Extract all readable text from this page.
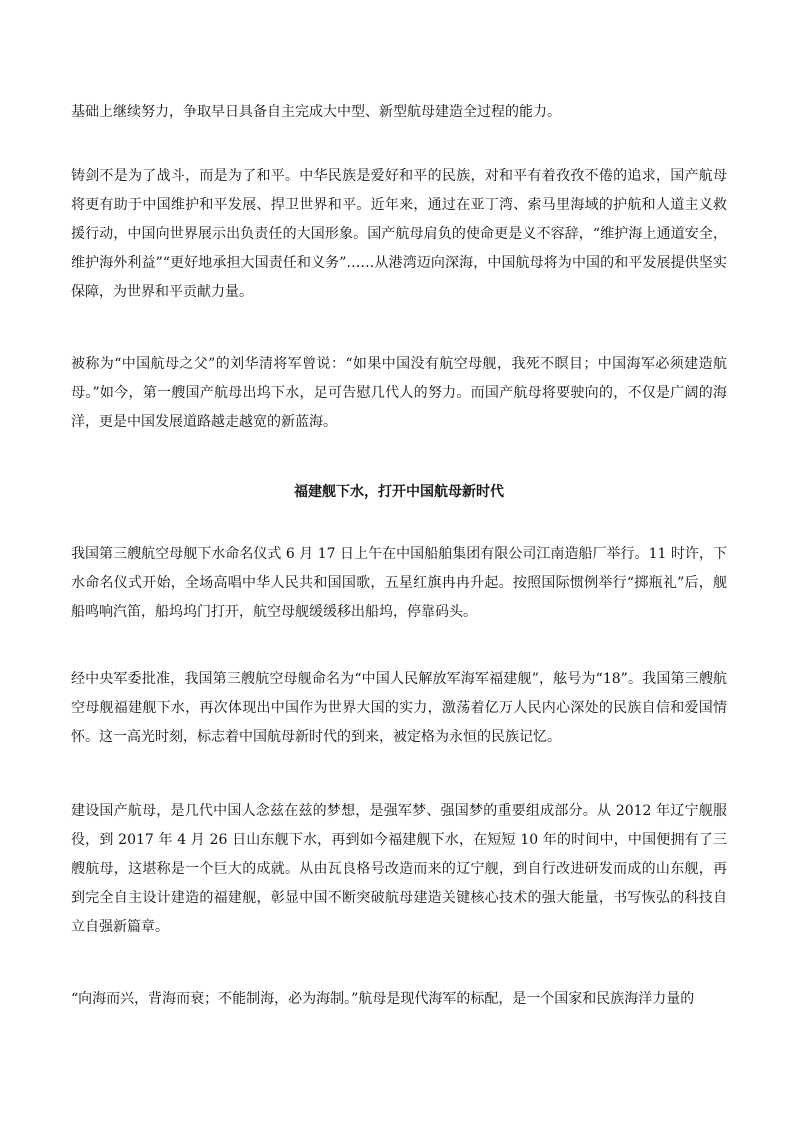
基础上继续努力，争取早日具备自主完成大中型、新型航母建造全过程的能力。

铸剑不是为了战斗，而是为了和平。中华民族是爱好和平的民族，对和平有着孜孜不倦的追求，国产航母将更有助于中国维护和平发展、捍卫世界和平。近年来，通过在亚丁湾、索马里海域的护航和人道主义救援行动，中国向世界展示出负责任的大国形象。国产航母肩负的使命更是义不容辞，“维护海上通道安全，维护海外利益”“更好地承担大国责任和义务”……从港湾迈向深海，中国航母将为中国的和平发展提供坚实保障，为世界和平贡献力量。

被称为“中国航母之父”的刘华清将军曾说：“如果中国没有航空母舰，我死不瞑目；中国海军必须建造航母。”如今，第一艘国产航母出坞下水，足可告慰几代人的努力。而国产航母将要驶向的，不仅是广阔的海洋，更是中国发展道路越走越宽的新蓝海。

福建舰下水，打开中国航母新时代

我国第三艘航空母舰下水命名仪式 6 月 17 日上午在中国船舶集团有限公司江南造船厂举行。11 时许，下水命名仪式开始，全场高唱中华人民共和国国歌，五星红旗冉冉升起。按照国际惯例举行“掷瓶礼”后，舰船鸣响汽笛，船坞坞门打开，航空母舰缓缓移出船坞，停靠码头。

经中央军委批准，我国第三艘航空母舰命名为“中国人民解放军海军福建舰”，舷号为“18”。我国第三艘航空母舰福建舰下水，再次体现出中国作为世界大国的实力，激荡着亿万人民内心深处的民族自信和爱国情怀。这一高光时刻，标志着中国航母新时代的到来，被定格为永恒的民族记忆。

建设国产航母，是几代中国人念兹在兹的梦想，是强军梦、强国梦的重要组成部分。从 2012 年辽宁舰服役，到 2017 年 4 月 26 日山东舰下水，再到如今福建舰下水，在短短 10 年的时间中，中国便拥有了三艘航母，这堪称是一个巨大的成就。从由瓦良格号改造而来的辽宁舰，到自行改进研发而成的山东舰，再到完全自主设计建造的福建舰，彰显中国不断突破航母建造关键核心技术的强大能量，书写恢弘的科技自立自强新篇章。

“向海而兴，背海而衰；不能制海，必为海制。”航母是现代海军的标配，是一个国家和民族海洋力量的
